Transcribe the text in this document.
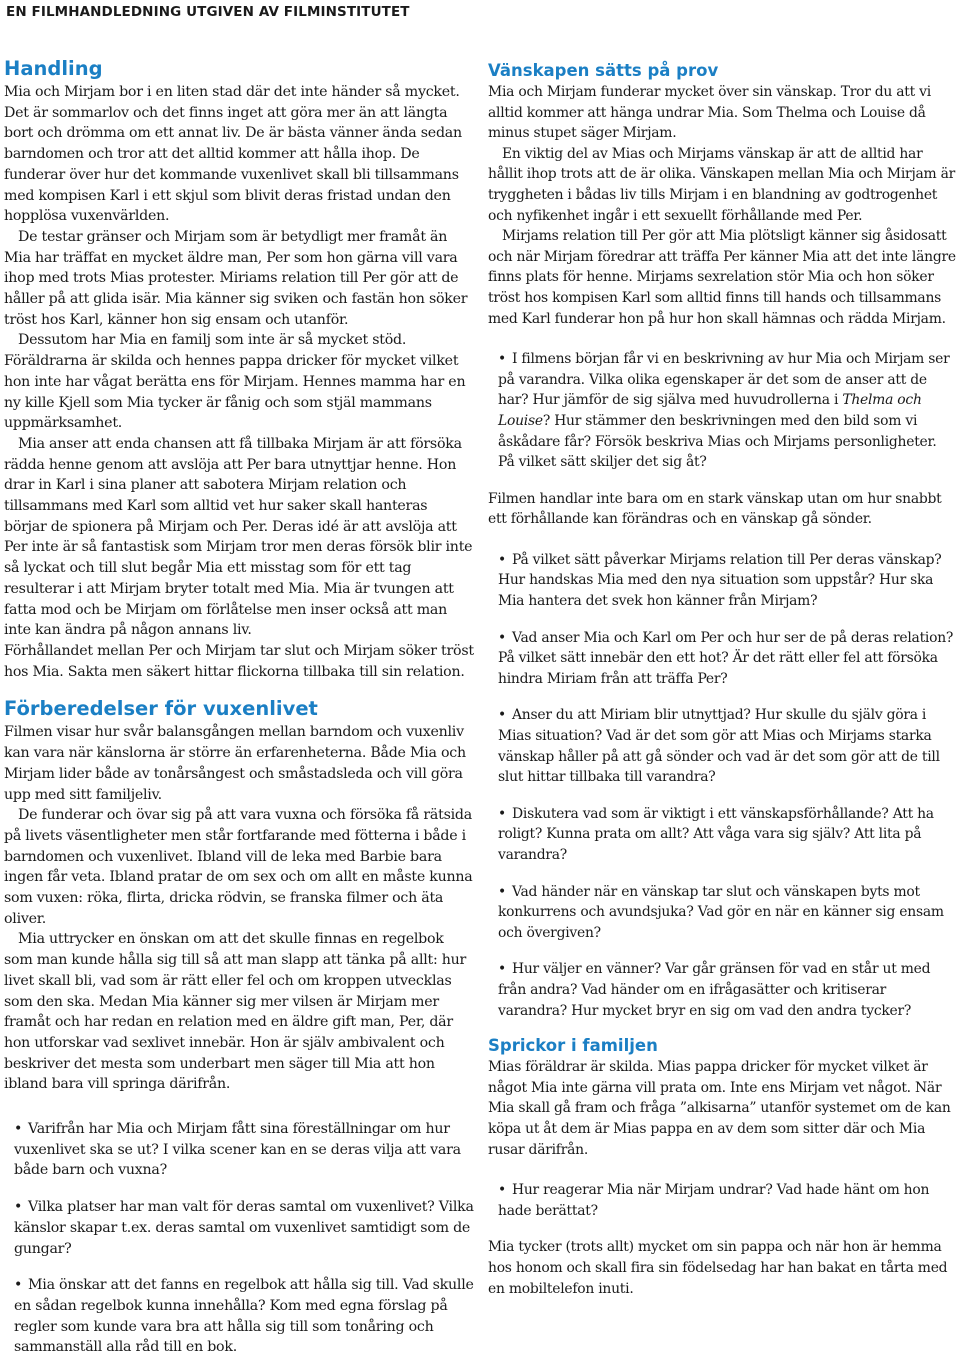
EN FILMHANDLEDNING UTGIVEN AV FILMINSTITUTET
Handling

Mia och Mirjam bor i en liten stad där det inte händer så mycket. Det är sommarlov och det finns inget att göra mer än att längta bort och drömma om ett annat liv. De är bästa vänner ända sedan barndomen och tror att det alltid kommer att hålla ihop. De funderar över hur det kommande vuxenlivet skall bli tillsammans med kompisen Karl i ett skjul som blivit deras fristad undan den hopplösa vuxenvärlden.

De testar gränser och Mirjam som är betydligt mer framåt än Mia har träffat en mycket äldre man, Per som hon gärna vill vara ihop med trots Mias protester. Miriams relation till Per gör att de håller på att glida isär. Mia känner sig sviken och fastän hon söker tröst hos Karl, känner hon sig ensam och utanför.

Dessutom har Mia en familj som inte är så mycket stöd. Föräldrarna är skilda och hennes pappa dricker för mycket vilket hon inte har vågat berätta ens för Mirjam. Hennes mamma har en ny kille Kjell som Mia tycker är fånig och som stjäl mammans uppmärksamhet.

Mia anser att enda chansen att få tillbaka Mirjam är att försöka rädda henne genom att avslöja att Per bara utnyttjar henne. Hon drar in Karl i sina planer att sabotera Mirjam relation och tillsammans med Karl som alltid vet hur saker skall hanteras börjar de spionera på Mirjam och Per. Deras idé är att avslöja att Per inte är så fantastisk som Mirjam tror men deras försök blir inte så lyckat och till slut begår Mia ett misstag som för ett tag resulterar i att Mirjam bryter totalt med Mia. Mia är tvungen att fatta mod och be Mirjam om förlåtelse men inser också att man inte kan ändra på någon annans liv.

Förhållandet mellan Per och Mirjam tar slut och Mirjam söker tröst hos Mia. Sakta men säkert hittar flickorna tillbaka till sin relation.

Förberedelser för vuxenlivet

Filmen visar hur svår balansgången mellan barndom och vuxenliv kan vara när känslorna är större än erfarenheterna. Både Mia och Mirjam lider både av tonårsångest och småstadsleda och vill göra upp med sitt familjeliv.

De funderar och övar sig på att vara vuxna och försöka få rätsida på livets väsentligheter men står fortfarande med fötterna i både i barndomen och vuxenlivet. Ibland vill de leka med Barbie bara ingen får veta. Ibland pratar de om sex och om allt en måste kunna som vuxen: röka, flirta, dricka rödvin, se franska filmer och äta oliver.

Mia uttrycker en önskan om att det skulle finnas en regelbok som man kunde hålla sig till så att man slapp att tänka på allt: hur livet skall bli, vad som är rätt eller fel och om kroppen utvecklas som den ska. Medan Mia känner sig mer vilsen är Mirjam mer framåt och har redan en relation med en äldre gift man, Per, där hon utforskar vad sexlivet innebär. Hon är själv ambivalent och beskriver det mesta som underbart men säger till Mia att hon ibland bara vill springa därifrån.

• Varifrån har Mia och Mirjam fått sina föreställningar om hur vuxenlivet ska se ut? I vilka scener kan en se deras vilja att vara både barn och vuxna?

• Vilka platser har man valt för deras samtal om vuxenlivet? Vilka känslor skapar t.ex. deras samtal om vuxenlivet samtidigt som de gungar?

• Mia önskar att det fanns en regelbok att hålla sig till. Vad skulle en sådan regelbok kunna innehålla? Kom med egna förslag på regler som kunde vara bra att hålla sig till som tonåring och sammanställ alla råd till en bok.

Vänskapen sätts på prov

Mia och Mirjam funderar mycket över sin vänskap. Tror du att vi alltid kommer att hänga undrar Mia. Som Thelma och Louise då minus stupet säger Mirjam.

En viktig del av Mias och Mirjams vänskap är att de alltid har hållit ihop trots att de är olika. Vänskapen mellan Mia och Mirjam är tryggheten i bådas liv tills Mirjam i en blandning av godtrogenhet och nyfikenhet ingår i ett sexuellt förhållande med Per.

Mirjams relation till Per gör att Mia plötsligt känner sig åsidosatt och när Mirjam föredrar att träffa Per känner Mia att det inte längre finns plats för henne. Mirjams sexrelation stör Mia och hon söker tröst hos kompisen Karl som alltid finns till hands och tillsammans med Karl funderar hon på hur hon skall hämnas och rädda Mirjam.

• I filmens början får vi en beskrivning av hur Mia och Mirjam ser på varandra. Vilka olika egenskaper är det som de anser att de har? Hur jämför de sig själva med huvudrollerna i Thelma och Louise? Hur stämmer den beskrivningen med den bild som vi åskådare får? Försök beskriva Mias och Mirjams personligheter. På vilket sätt skiljer det sig åt?

Filmen handlar inte bara om en stark vänskap utan om hur snabbt ett förhållande kan förändras och en vänskap gå sönder.

• På vilket sätt påverkar Mirjams relation till Per deras vänskap? Hur handskas Mia med den nya situation som uppstår? Hur ska Mia hantera det svek hon känner från Mirjam?

• Vad anser Mia och Karl om Per och hur ser de på deras relation? På vilket sätt innebär den ett hot? Är det rätt eller fel att försöka hindra Miriam från att träffa Per?

• Anser du att Miriam blir utnyttjad? Hur skulle du själv göra i Mias situation? Vad är det som gör att Mias och Mirjams starka vänskap håller på att gå sönder och vad är det som gör att de till slut hittar tillbaka till varandra?

• Diskutera vad som är viktigt i ett vänskapsförhållande? Att ha roligt? Kunna prata om allt? Att våga vara sig själv? Att lita på varandra?

• Vad händer när en vänskap tar slut och vänskapen byts mot konkurrens och avundsjuka? Vad gör en när en känner sig ensam och övergiven?

• Hur väljer en vänner? Var går gränsen för vad en står ut med från andra? Vad händer om en ifrågasätter och kritiserar varandra? Hur mycket bryr en sig om vad den andra tycker?

Sprickor i familjen

Mias föräldrar är skilda. Mias pappa dricker för mycket vilket är något Mia inte gärna vill prata om. Inte ens Mirjam vet något. När Mia skall gå fram och fråga ”alkisarna” utanför systemet om de kan köpa ut åt dem är Mias pappa en av dem som sitter där och Mia rusar därifrån.

• Hur reagerar Mia när Mirjam undrar? Vad hade hänt om hon hade berättat?

Mia tycker (trots allt) mycket om sin pappa och när hon är hemma hos honom och skall fira sin födelsedag har han bakat en tårta med en mobiltelefon inuti.
